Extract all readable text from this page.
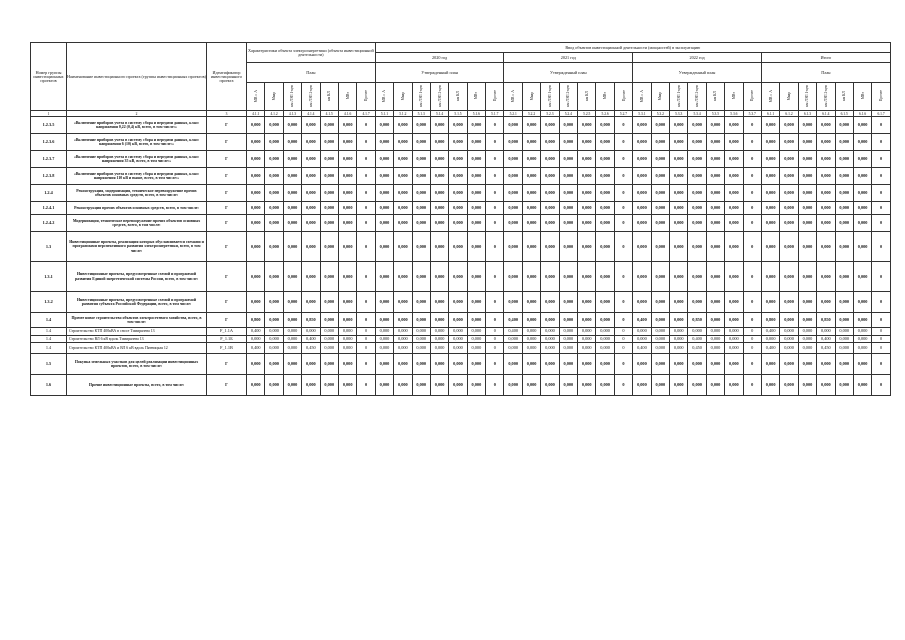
Номер группы инвестиционных проектов	Наименование инвестиционного проекта (группы инвестиционных проектов)	Идентификатор инвестиционного проекта	Характеристики объекта электроэнергетики (объекта инвестиционной деятельности)							Ввод объектов инвестиционной деятельности (мощностей) в эксплуатацию																											
										2020 год							2021 год							2022 год							Итого						
			План							Утвержденный план							Утвержденный план							Утвержденный план							План						
			МВ×А	Мвар	км ЛЭП 1-цеп	км ЛЭП 2-цеп	км КЛ	МВт	Прочее	МВ×А	Мвар	км ЛЭП 1-цеп	км ЛЭП 2-цеп	км КЛ	МВт	Прочее	МВ×А	Мвар	км ЛЭП 1-цеп	км ЛЭП 2-цеп	км КЛ	МВт	Прочее	МВ×А	Мвар	км ЛЭП 1-цеп	км ЛЭП 2-цеп	км КЛ	МВт	Прочее	МВ×А	Мвар	км ЛЭП 1-цеп	км ЛЭП 2-цеп	км КЛ	МВт	Прочее
1	2	3	4.1.1	4.1.2	4.1.3	4.1.4	4.1.5	4.1.6	4.1.7	5.1.1	5.1.2	5.1.3	5.1.4	5.1.5	5.1.6	5.1.7	5.2.1	5.2.2	5.2.3	5.2.4	5.2.5	5.2.6	5.2.7	5.3.1	5.3.2	5.3.3	5.3.4	5.3.5	5.3.6	5.3.7	6.1.1	6.1.2	6.1.3	6.1.4	6.1.5	6.1.6	6.1.7
1.2.3.5	«Включение приборов учета в систему сбора и передачи данных, класс напряжения 0,22 (0,4) кВ, всего, в том числе:»	Г	0,000	0,000	0,000	0,000	0,000	0,000	0	0,000	0,000	0,000	0,000	0,000	0,000	0	0,000	0,000	0,000	0,000	0,000	0,000	0	0,000	0,000	0,000	0,000	0,000	0,000	0	0,000	0,000	0,000	0,000	0,000	0,000	0
1.2.3.6	«Включение приборов учета в систему сбора и передачи данных, класс напряжения 6 (10) кВ, всего, в том числе:»	Г	0,000	0,000	0,000	0,000	0,000	0,000	0	0,000	0,000	0,000	0,000	0,000	0,000	0	0,000	0,000	0,000	0,000	0,000	0,000	0	0,000	0,000	0,000	0,000	0,000	0,000	0	0,000	0,000	0,000	0,000	0,000	0,000	0
1.2.3.7	«Включение приборов учета в систему сбора и передачи данных, класс напряжения 35 кВ, всего, в том числе:»	Г	0,000	0,000	0,000	0,000	0,000	0,000	0	0,000	0,000	0,000	0,000	0,000	0,000	0	0,000	0,000	0,000	0,000	0,000	0,000	0	0,000	0,000	0,000	0,000	0,000	0,000	0	0,000	0,000	0,000	0,000	0,000	0,000	0
1.2.3.8	«Включение приборов учета в систему сбора и передачи данных, класс напряжения 110 кВ и выше, всего, в том числе:»	Г	0,000	0,000	0,000	0,000	0,000	0,000	0	0,000	0,000	0,000	0,000	0,000	0,000	0	0,000	0,000	0,000	0,000	0,000	0,000	0	0,000	0,000	0,000	0,000	0,000	0,000	0	0,000	0,000	0,000	0,000	0,000	0,000	0
1.2.4	Реконструкция, модернизация, техническое перевооружение прочих объектов основных средств, всего, в том числе:	Г	0,000	0,000	0,000	0,000	0,000	0,000	0	0,000	0,000	0,000	0,000	0,000	0,000	0	0,000	0,000	0,000	0,000	0,000	0,000	0	0,000	0,000	0,000	0,000	0,000	0,000	0	0,000	0,000	0,000	0,000	0,000	0,000	0
1.2.4.1	Реконструкция прочих объектов основных средств, всего, в том числе:	Г	0,000	0,000	0,000	0,000	0,000	0,000	0	0,000	0,000	0,000	0,000	0,000	0,000	0	0,000	0,000	0,000	0,000	0,000	0,000	0	0,000	0,000	0,000	0,000	0,000	0,000	0	0,000	0,000	0,000	0,000	0,000	0,000	0
1.2.4.2	Модернизация, техническое перевооружение прочих объектов основных средств, всего, в том числе:	Г	0,000	0,000	0,000	0,000	0,000	0,000	0	0,000	0,000	0,000	0,000	0,000	0,000	0	0,000	0,000	0,000	0,000	0,000	0,000	0	0,000	0,000	0,000	0,000	0,000	0,000	0	0,000	0,000	0,000	0,000	0,000	0,000	0
1.3	Инвестиционные проекты, реализация которых обуславливается схемами и программами перспективного развития электроэнергетики, всего, в том числе:	Г	0,000	0,000	0,000	0,000	0,000	0,000	0	0,000	0,000	0,000	0,000	0,000	0,000	0	0,000	0,000	0,000	0,000	0,000	0,000	0	0,000	0,000	0,000	0,000	0,000	0,000	0	0,000	0,000	0,000	0,000	0,000	0,000	0
1.3.1	Инвестиционные проекты, предусмотренные схемой и программой развития Единой энергетической системы России, всего, в том числе:	Г	0,000	0,000	0,000	0,000	0,000	0,000	0	0,000	0,000	0,000	0,000	0,000	0,000	0	0,000	0,000	0,000	0,000	0,000	0,000	0	0,000	0,000	0,000	0,000	0,000	0,000	0	0,000	0,000	0,000	0,000	0,000	0,000	0
1.3.2	Инвестиционные проекты, предусмотренные схемой и программой развития субъекта Российской Федерации, всего, в том числе:	Г	0,000	0,000	0,000	0,000	0,000	0,000	0	0,000	0,000	0,000	0,000	0,000	0,000	0	0,000	0,000	0,000	0,000	0,000	0,000	0	0,000	0,000	0,000	0,000	0,000	0,000	0	0,000	0,000	0,000	0,000	0,000	0,000	0
1.4	Прочее новое строительство объектов электросетевого хозяйства, всего, в том числе:	Г	0,800	0,000	0,000	0,850	0,000	0,000	0	0,000	0,000	0,000	0,000	0,000	0,000	0	0,400	0,000	0,000	0,000	0,000	0,000	0	0,400	0,000	0,000	0,850	0,000	0,000	0	0,800	0,000	0,000	0,850	0,000	0,000	0
1.4	Строительство КТП 400кВА в сносе Тимирязева 13	F_1.1А	0,400	0,000	0,000	0,000	0,000	0,000	0	0,000	0,000	0,000	0,000	0,000	0,000	0	0,400	0,000	0,000	0,000	0,000	0,000	0	0,000	0,000	0,000	0,000	0,000	0,000	0	0,400	0,000	0,000	0,000	0,000	0,000	0
1.4	Строительство ВЛ 6 кВ вдоль Тимирязева 13	F_1.1Б	0,000	0,000	0,000	0,400	0,000	0,000	0	0,000	0,000	0,000	0,000	0,000	0,000	0	0,000	0,000	0,000	0,000	0,000	0,000	0	0,000	0,000	0,000	0,400	0,000	0,000	0	0,000	0,000	0,000	0,400	0,000	0,000	0
1.4	Строительство КТП 400кВА и ВЛ 6 кВ вдоль Пятницкая 12	F_1.1В	0,400	0,000	0,000	0,450	0,000	0,000	0	0,000	0,000	0,000	0,000	0,000	0,000	0	0,000	0,000	0,000	0,000	0,000	0,000	0	0,400	0,000	0,000	0,450	0,000	0,000	0	0,400	0,000	0,000	0,450	0,000	0,000	0
1.5	Покупка земельных участков для целей реализации инвестиционных проектов, всего, в том числе:	Г	0,000	0,000	0,000	0,000	0,000	0,000	0	0,000	0,000	0,000	0,000	0,000	0,000	0	0,000	0,000	0,000	0,000	0,000	0,000	0	0,000	0,000	0,000	0,000	0,000	0,000	0	0,000	0,000	0,000	0,000	0,000	0,000	0
1.6	Прочие инвестиционные проекты, всего, в том числе:	Г	0,000	0,000	0,000	0,000	0,000	0,000	0	0,000	0,000	0,000	0,000	0,000	0,000	0	0,000	0,000	0,000	0,000	0,000	0,000	0	0,000	0,000	0,000	0,000	0,000	0,000	0	0,000	0,000	0,000	0,000	0,000	0,000	0
